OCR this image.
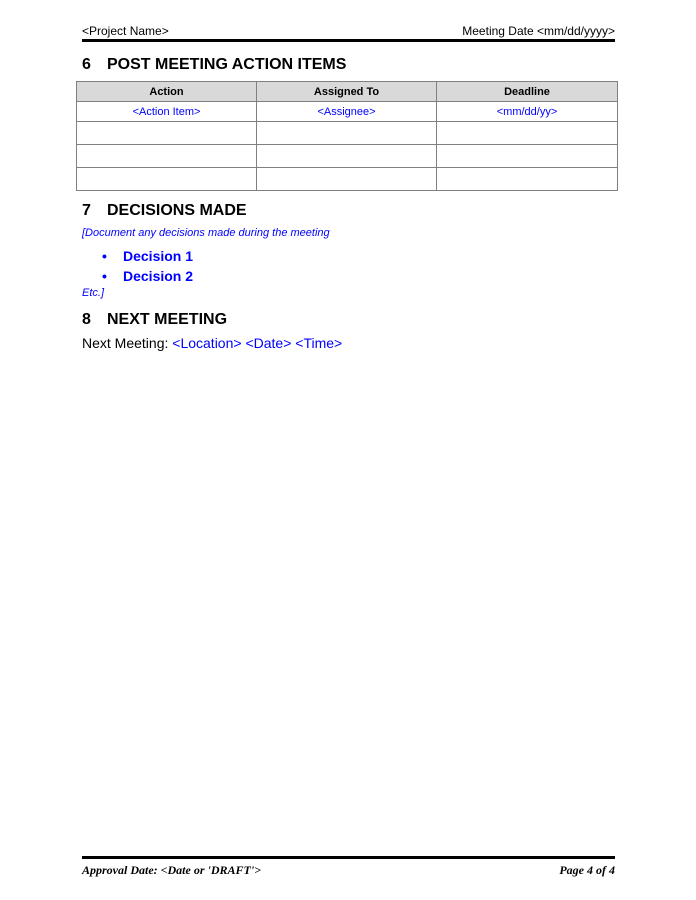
<Project Name>	Meeting Date <mm/dd/yyyy>
6 POST MEETING ACTION ITEMS
Action	Assigned To	Deadline
<Action Item>	<Assignee>	<mm/dd/yy>

7 DECISIONS MADE
[Document any decisions made during the meeting
• Decision 1
• Decision 2
Etc.]
8 NEXT MEETING
Next Meeting: <Location> <Date> <Time>
Approval Date: <Date or 'DRAFT'>	Page 4 of 4
